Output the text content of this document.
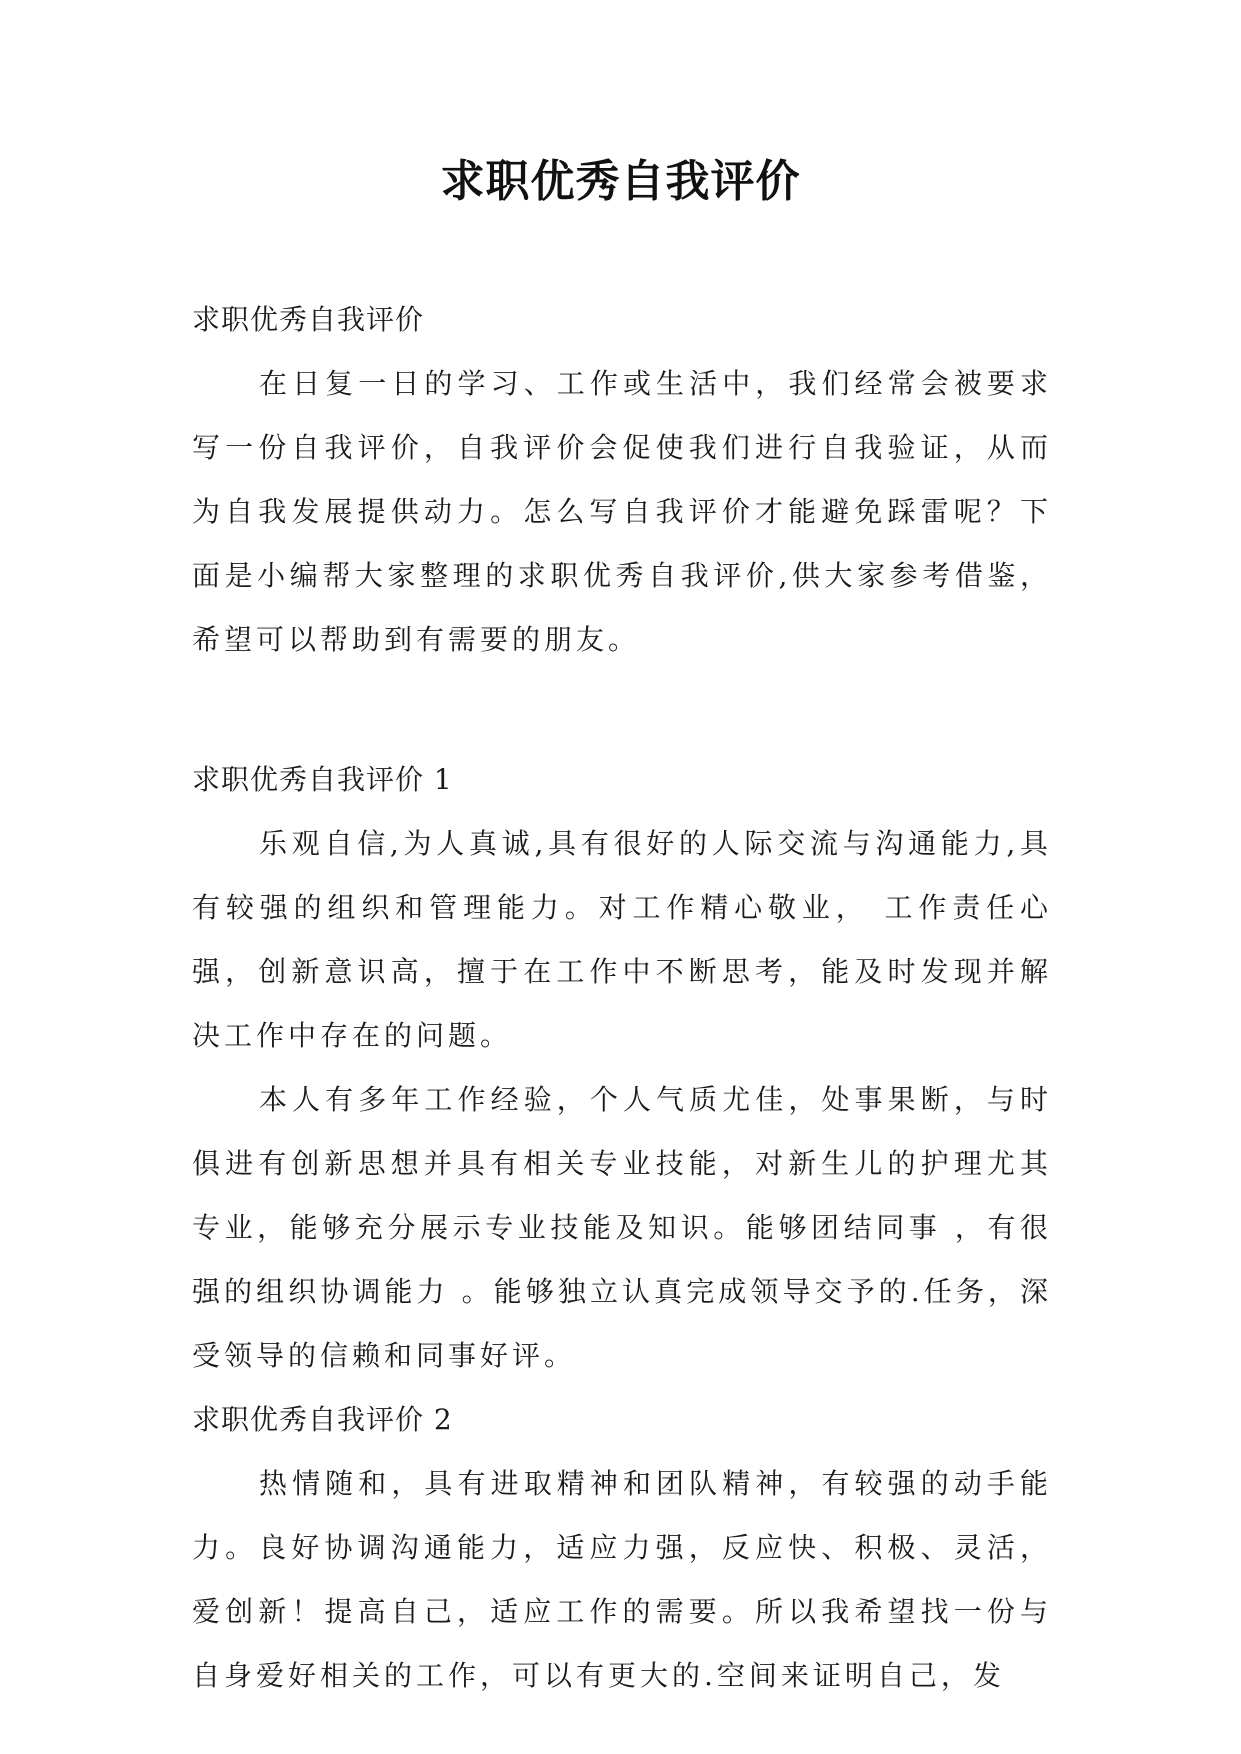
求职优秀自我评价

求职优秀自我评价

在日复一日的学习、工作或生活中，我们经常会被要求写一份自我评价，自我评价会促使我们进行自我验证，从而为自我发展提供动力。怎么写自我评价才能避免踩雷呢？下面是小编帮大家整理的求职优秀自我评价,供大家参考借鉴，希望可以帮助到有需要的朋友。

求职优秀自我评价 1

乐观自信,为人真诚,具有很好的人际交流与沟通能力,具有较强的组织和管理能力。对工作精心敬业， 工作责任心强，创新意识高，擅于在工作中不断思考，能及时发现并解决工作中存在的问题。

本人有多年工作经验，个人气质尤佳，处事果断，与时俱进有创新思想并具有相关专业技能，对新生儿的护理尤其专业，能够充分展示专业技能及知识。能够团结同事 ，有很强的组织协调能力 。能够独立认真完成领导交予的.任务，深受领导的信赖和同事好评。

求职优秀自我评价 2

热情随和，具有进取精神和团队精神，有较强的动手能力。良好协调沟通能力，适应力强，反应快、积极、灵活，爱创新！提高自己，适应工作的需要。所以我希望找一份与自身爱好相关的工作，可以有更大的.空间来证明自己，发
